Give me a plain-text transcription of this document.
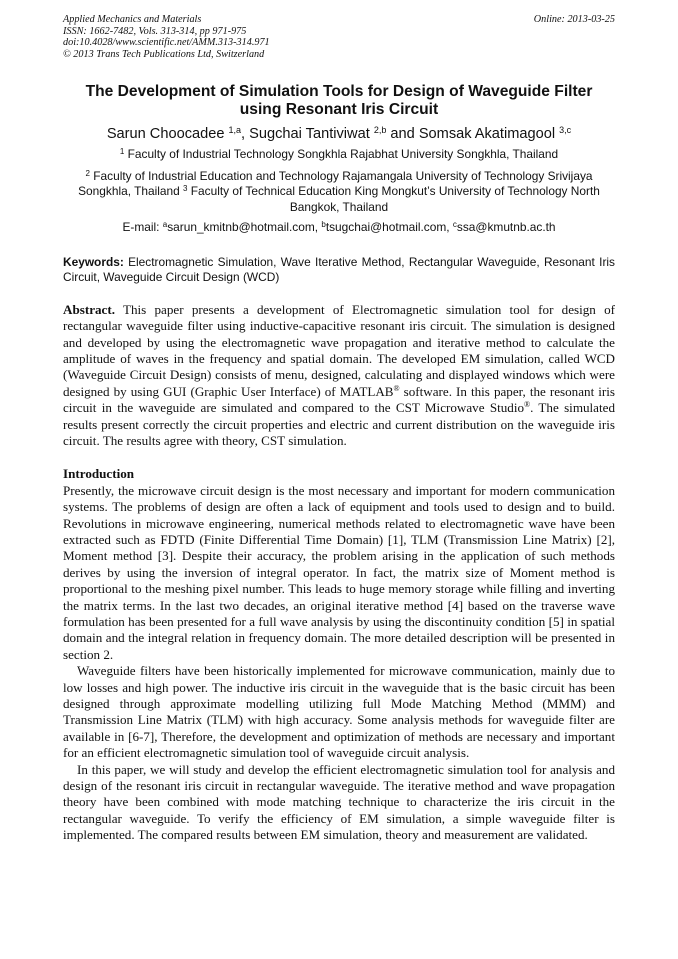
Applied Mechanics and Materials
ISSN: 1662-7482, Vols. 313-314, pp 971-975
doi:10.4028/www.scientific.net/AMM.313-314.971
© 2013 Trans Tech Publications Ltd, Switzerland
Online: 2013-03-25
The Development of Simulation Tools for Design of Waveguide Filter using Resonant Iris Circuit
Sarun Choocadee $^{1,a}$, Sugchai Tantiviwat $^{2,b}$ and Somsak Akatimagool $^{3,c}$
$^1$ Faculty of Industrial Technology Songkhla Rajabhat University Songkhla, Thailand
$^2$ Faculty of Industrial Education and Technology Rajamangala University of Technology Srivijaya Songkhla, Thailand $^3$ Faculty of Technical Education King Mongkut’s University of Technology North Bangkok, Thailand
E-mail: $^a$sarun_kmitnb@hotmail.com, $^b$tsugchai@hotmail.com, $^c$ssa@kmutnb.ac.th
Keywords: Electromagnetic Simulation, Wave Iterative Method, Rectangular Waveguide, Resonant Iris Circuit, Waveguide Circuit Design (WCD)
Abstract. This paper presents a development of Electromagnetic simulation tool for design of rectangular waveguide filter using inductive-capacitive resonant iris circuit. The simulation is designed and developed by using the electromagnetic wave propagation and iterative method to calculate the amplitude of waves in the frequency and spatial domain. The developed EM simulation, called WCD (Waveguide Circuit Design) consists of menu, designed, calculating and displayed windows which were designed by using GUI (Graphic User Interface) of MATLAB® software. In this paper, the resonant iris circuit in the waveguide are simulated and compared to the CST Microwave Studio®. The simulated results present correctly the circuit properties and electric and current distribution on the waveguide iris circuit. The results agree with theory, CST simulation.
Introduction

Presently, the microwave circuit design is the most necessary and important for modern communication systems. The problems of design are often a lack of equipment and tools used to design and to build. Revolutions in microwave engineering, numerical methods related to electromagnetic wave have been extracted such as FDTD (Finite Differential Time Domain) [1], TLM (Transmission Line Matrix) [2], Moment method [3]. Despite their accuracy, the problem arising in the application of such methods derives by using the inversion of integral operator. In fact, the matrix size of Moment method is proportional to the meshing pixel number. This leads to huge memory storage while filling and inverting the matrix terms. In the last two decades, an original iterative method [4] based on the traverse wave formulation has been presented for a full wave analysis by using the discontinuity condition [5] in spatial domain and the integral relation in frequency domain. The more detailed description will be presented in section 2.

Waveguide filters have been historically implemented for microwave communication, mainly due to low losses and high power. The inductive iris circuit in the waveguide that is the basic circuit has been designed through approximate modelling utilizing full Mode Matching Method (MMM) and Transmission Line Matrix (TLM) with high accuracy. Some analysis methods for waveguide filter are available in [6-7], Therefore, the development and optimization of methods are necessary and important for an efficient electromagnetic simulation tool of waveguide circuit analysis.

In this paper, we will study and develop the efficient electromagnetic simulation tool for analysis and design of the resonant iris circuit in rectangular waveguide. The iterative method and wave propagation theory have been combined with mode matching technique to characterize the iris circuit in the rectangular waveguide. To verify the efficiency of EM simulation, a simple waveguide filter is implemented. The compared results between EM simulation, theory and measurement are validated.
